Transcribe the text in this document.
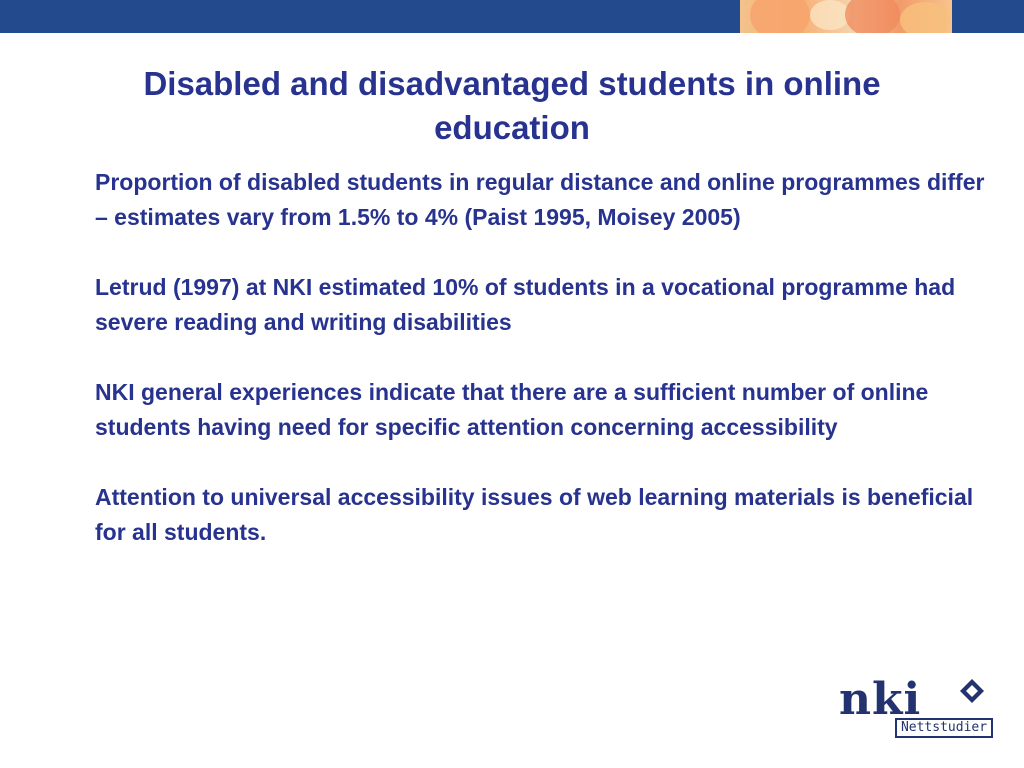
Disabled and disadvantaged students in online education

Proportion of disabled students in regular distance and online programmes differ – estimates vary from 1.5% to 4% (Paist 1995, Moisey 2005)

Letrud (1997) at NKI estimated 10% of students in a vocational programme had severe reading and writing disabilities

NKI general experiences indicate that there are a sufficient number of online students having need for specific attention concerning accessibility

Attention to universal accessibility issues of web learning materials is beneficial for all students.

nki
Nettstudier
